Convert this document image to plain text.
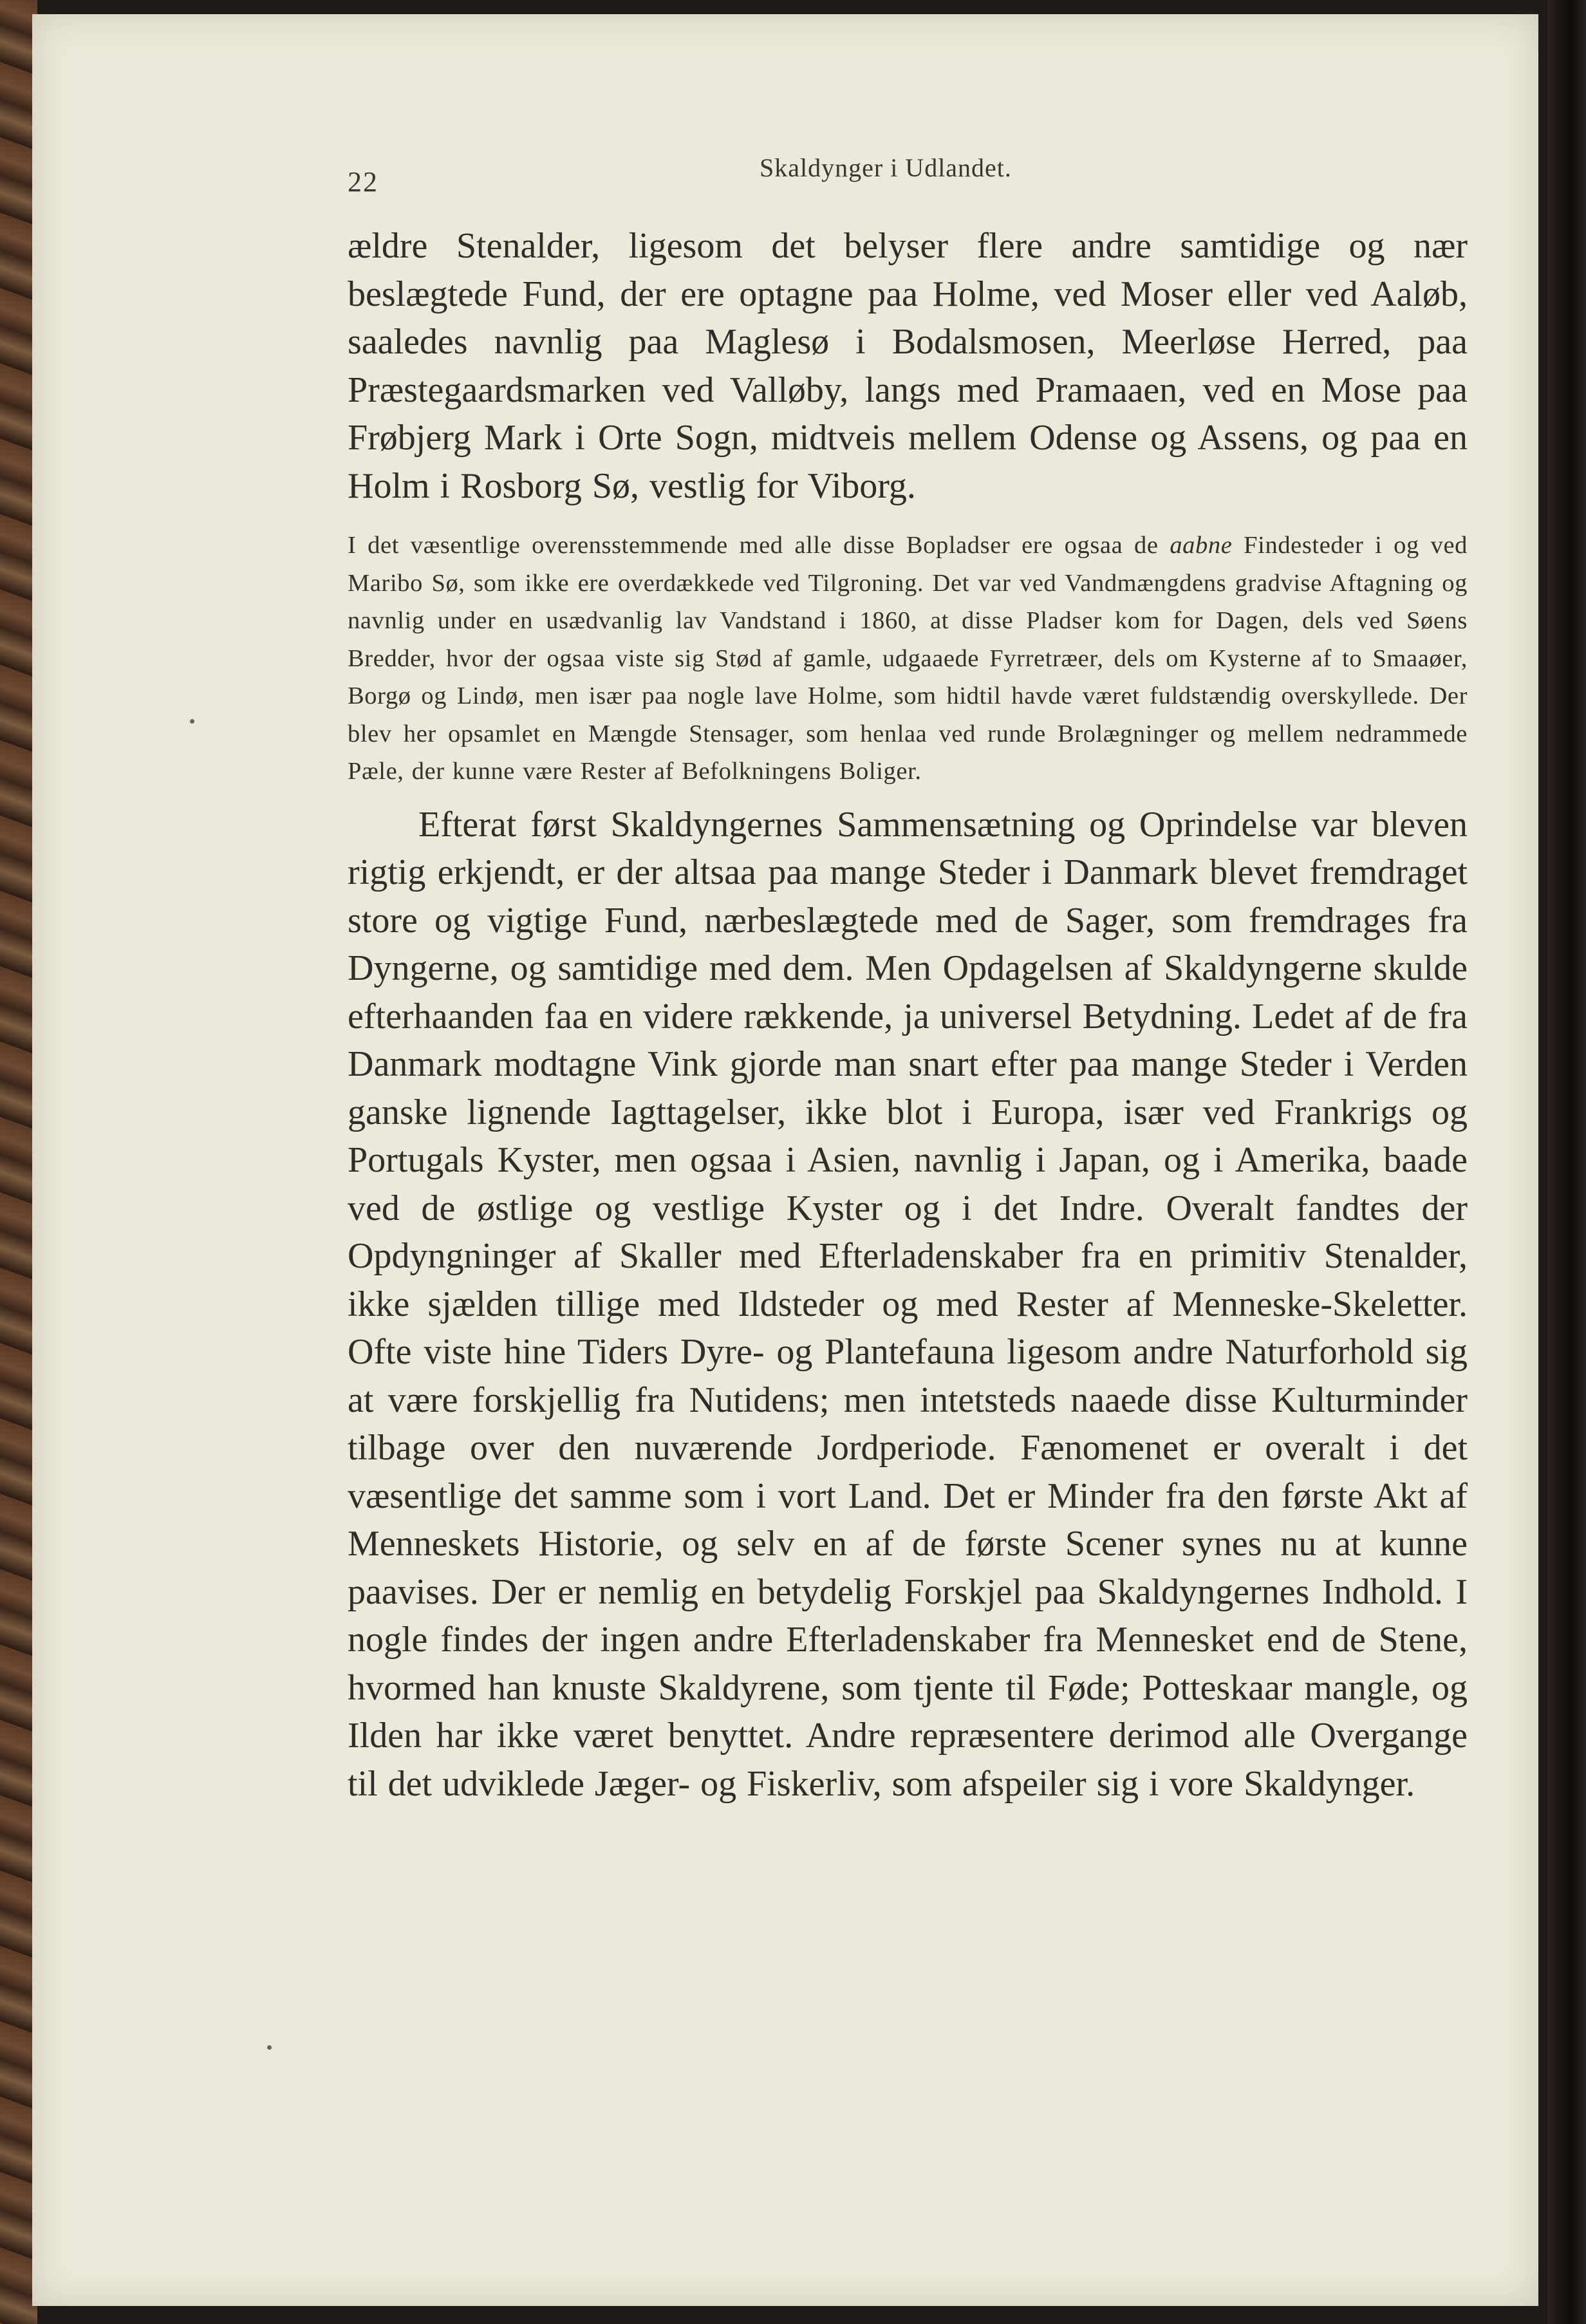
22	Skaldynger i Udlandet.
ældre Stenalder, ligesom det belyser flere andre samtidige og nær beslægtede Fund, der ere optagne paa Holme, ved Moser eller ved Aaløb, saaledes navnlig paa Maglesø i Bodalsmosen, Meerløse Herred, paa Præstegaardsmarken ved Valløby, langs med Pramaaen, ved en Mose paa Frøbjerg Mark i Orte Sogn, midtveis mellem Odense og Assens, og paa en Holm i Rosborg Sø, vestlig for Viborg.
I det væsentlige overensstemmende med alle disse Bopladser ere ogsaa de aabne Findesteder i og ved Maribo Sø, som ikke ere overdækkede ved Tilgroning. Det var ved Vandmængdens gradvise Aftagning og navnlig under en usædvanlig lav Vandstand i 1860, at disse Pladser kom for Dagen, dels ved Søens Bredder, hvor der ogsaa viste sig Stød af gamle, udgaaede Fyrretræer, dels om Kysterne af to Smaaøer, Borgø og Lindø, men især paa nogle lave Holme, som hidtil havde været fuldstændig overskyllede. Der blev her opsamlet en Mængde Stensager, som henlaa ved runde Brolægninger og mellem nedrammede Pæle, der kunne være Rester af Befolkningens Boliger.
Efterat først Skaldyngernes Sammensætning og Oprindelse var bleven rigtig erkjendt, er der altsaa paa mange Steder i Danmark blevet fremdraget store og vigtige Fund, nærbeslægtede med de Sager, som fremdrages fra Dyngerne, og samtidige med dem. Men Opdagelsen af Skaldyngerne skulde efterhaanden faa en videre rækkende, ja universel Betydning. Ledet af de fra Danmark modtagne Vink gjorde man snart efter paa mange Steder i Verden ganske lignende Iagttagelser, ikke blot i Europa, især ved Frankrigs og Portugals Kyster, men ogsaa i Asien, navnlig i Japan, og i Amerika, baade ved de østlige og vestlige Kyster og i det Indre. Overalt fandtes der Opdyngninger af Skaller med Efterladenskaber fra en primitiv Stenalder, ikke sjælden tillige med Ildsteder og med Rester af Menneske-Skeletter. Ofte viste hine Tiders Dyre- og Plantefauna ligesom andre Naturforhold sig at være forskjellig fra Nutidens; men intetsteds naaede disse Kulturminder tilbage over den nuværende Jordperiode. Fænomenet er overalt i det væsentlige det samme som i vort Land. Det er Minder fra den første Akt af Menneskets Historie, og selv en af de første Scener synes nu at kunne paavises. Der er nemlig en betydelig Forskjel paa Skaldyngernes Indhold. I nogle findes der ingen andre Efterladenskaber fra Mennesket end de Stene, hvormed han knuste Skaldyrene, som tjente til Føde; Potteskaar mangle, og Ilden har ikke været benyttet. Andre repræsentere derimod alle Overgange til det udviklede Jæger- og Fiskerliv, som afspeiler sig i vore Skaldynger.
